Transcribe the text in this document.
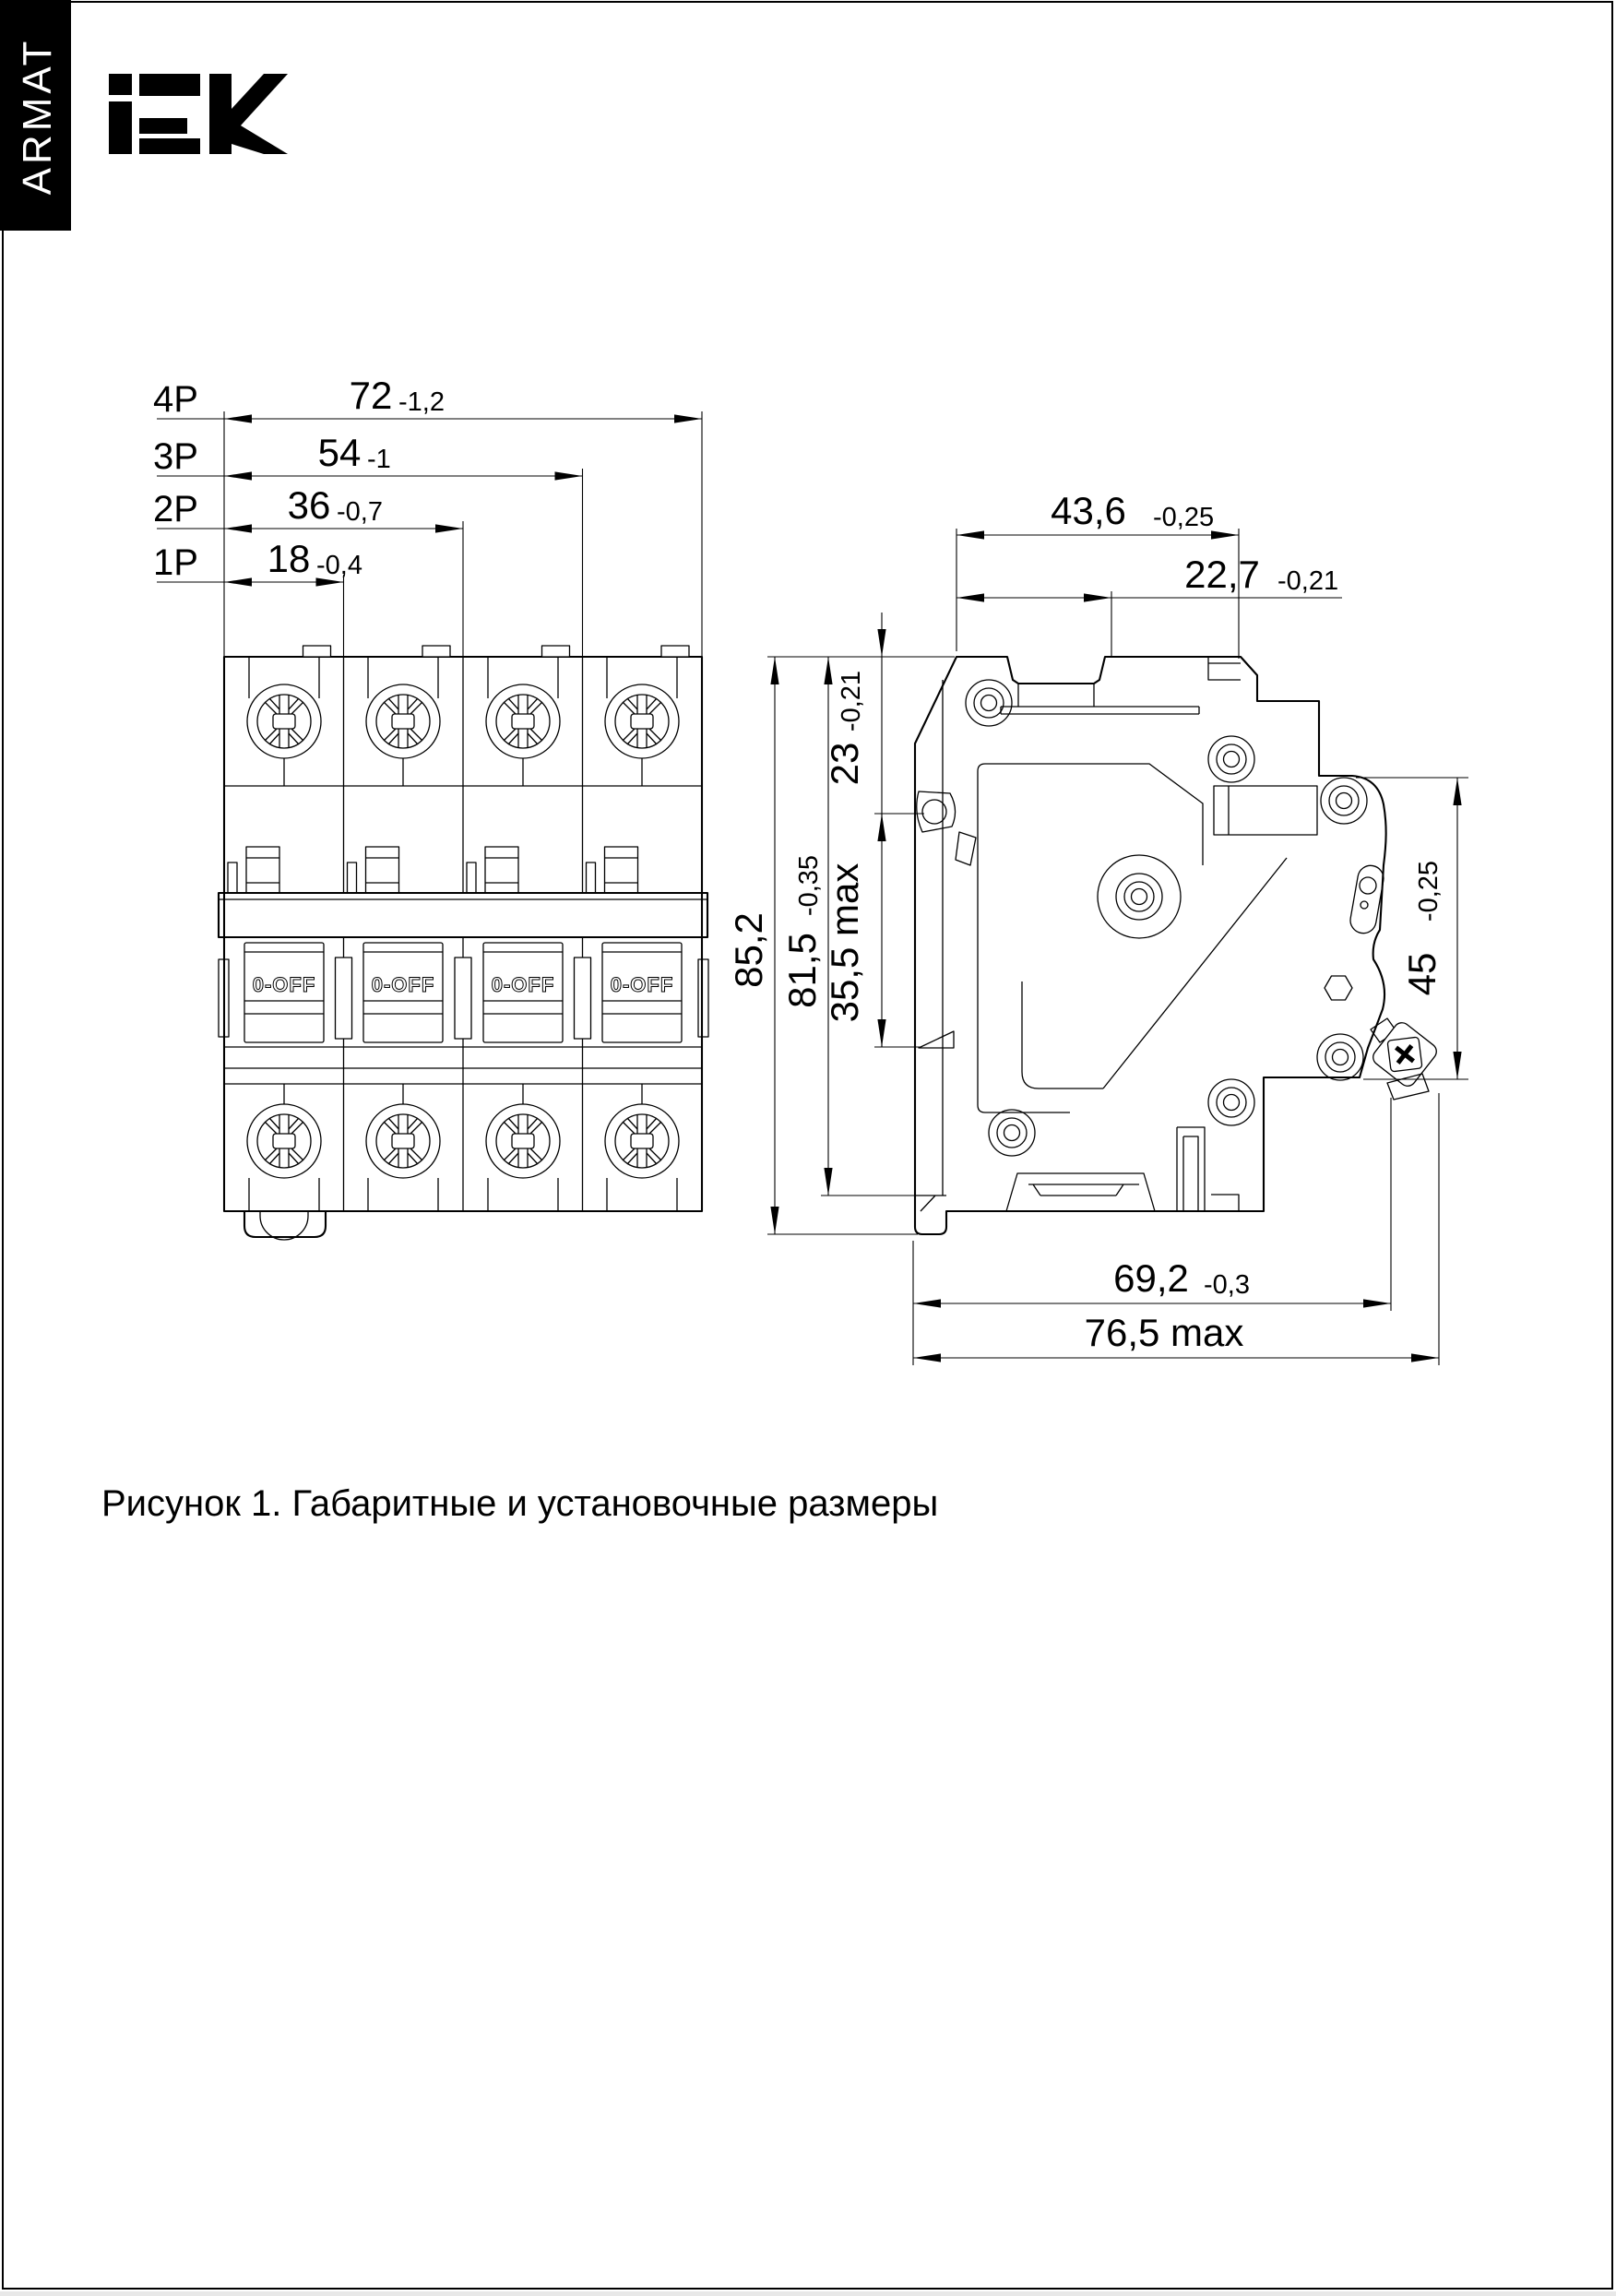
ARMAT
4P	72 -1,2
3P	54 -1
2P 36 -0,7
1P 18 -0,4
0-OFF	0-OFF	0-OFF	0-OFF
43,6 -0,25
22,7 -0,21
85,2 81,5
-0,35
23
-0,21
35,5 max	45
-0,25
69,2 -0,3
76,5 max
Рисунок 1. Габаритные и установочные размеры
